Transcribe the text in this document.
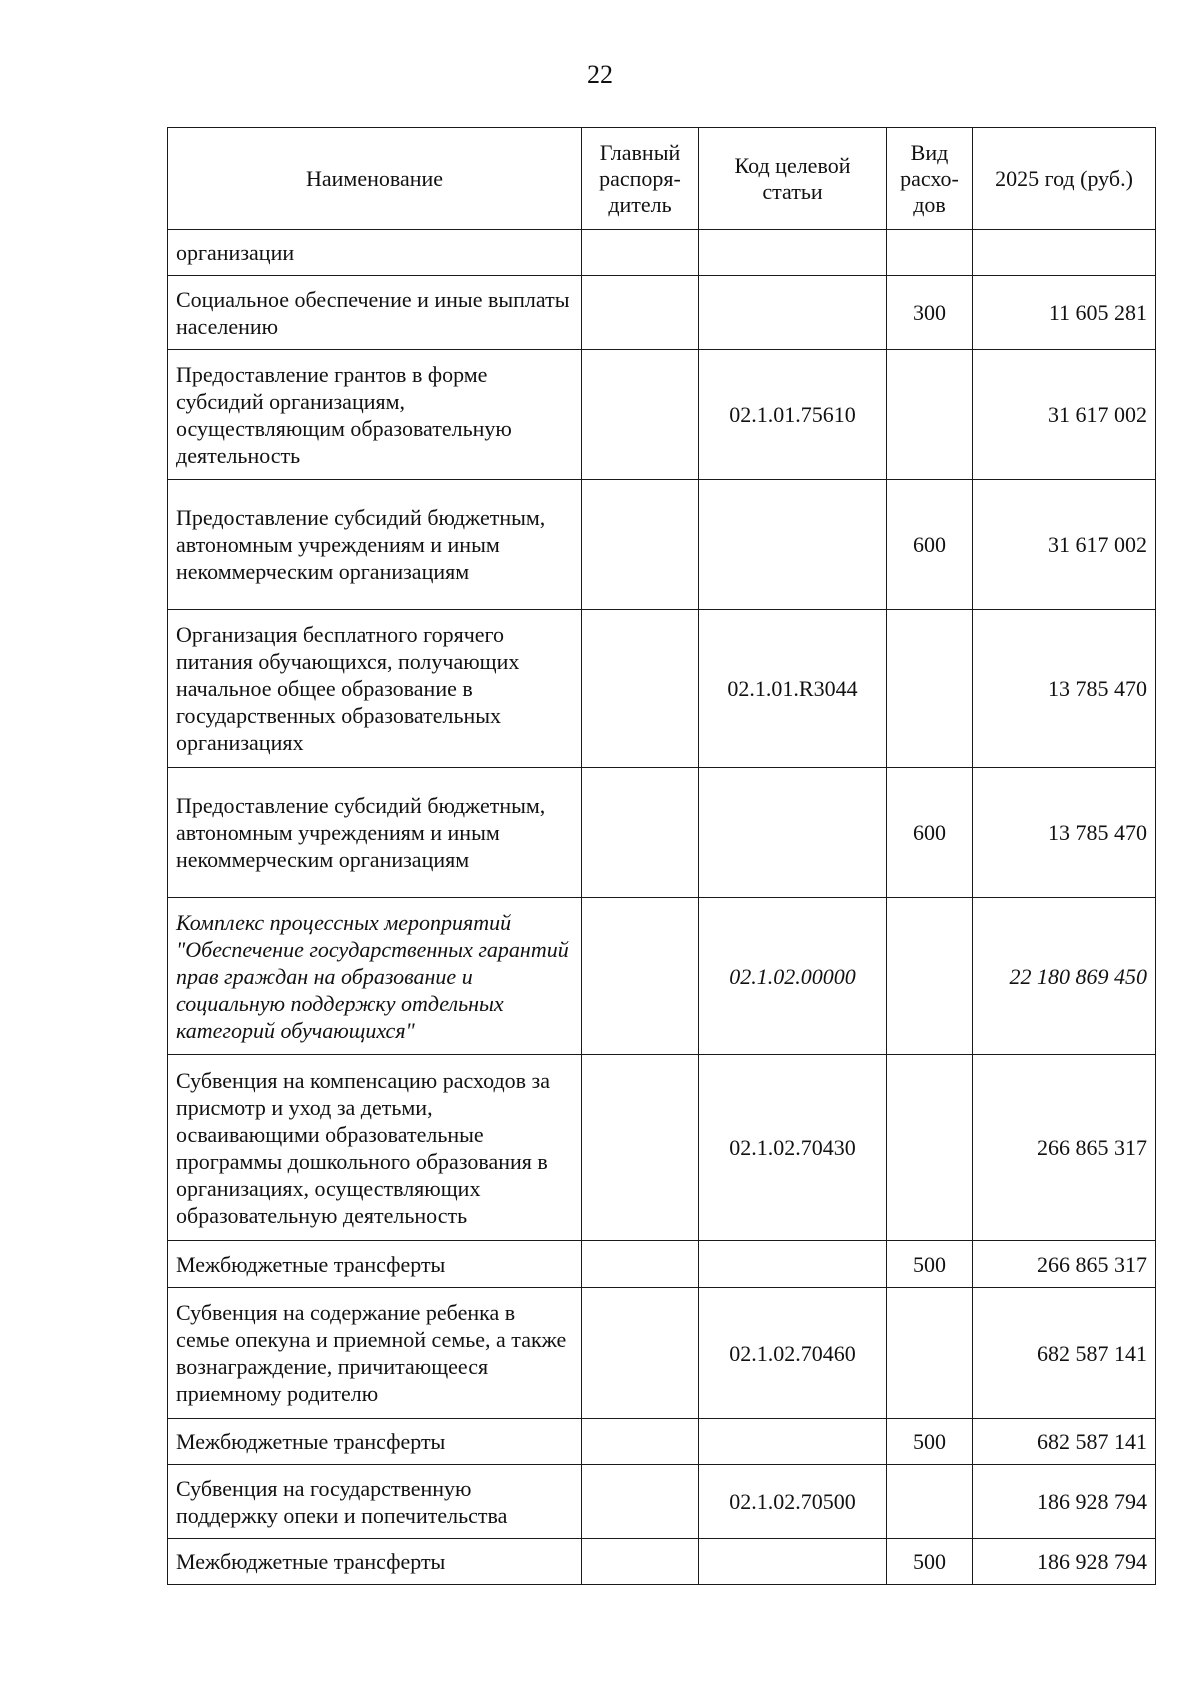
22
Наименование	Главный распоря-дитель	Код целевой статьи	Вид расхо-дов	2025 год (руб.)
организации				
Социальное обеспечение и иные выплаты населению			300	11 605 281
Предоставление грантов в форме субсидий организациям, осуществляющим образовательную деятельность		02.1.01.75610		31 617 002
Предоставление субсидий бюджетным, автономным учреждениям и иным некоммерческим организациям			600	31 617 002
Организация бесплатного горячего питания обучающихся, получающих начальное общее образование в государственных образовательных организациях		02.1.01.R3044		13 785 470
Предоставление субсидий бюджетным, автономным учреждениям и иным некоммерческим организациям			600	13 785 470
Комплекс процессных мероприятий "Обеспечение государственных гарантий прав граждан на образование и социальную поддержку отдельных категорий обучающихся"		02.1.02.00000		22 180 869 450
Субвенция на компенсацию расходов за присмотр и уход за детьми, осваивающими образовательные программы дошкольного образования в организациях, осуществляющих образовательную деятельность		02.1.02.70430		266 865 317
Межбюджетные трансферты			500	266 865 317
Субвенция на содержание ребенка в семье опекуна и приемной семье, а также вознаграждение, причитающееся приемному родителю		02.1.02.70460		682 587 141
Межбюджетные трансферты			500	682 587 141
Субвенция на государственную поддержку опеки и попечительства		02.1.02.70500		186 928 794
Межбюджетные трансферты			500	186 928 794
